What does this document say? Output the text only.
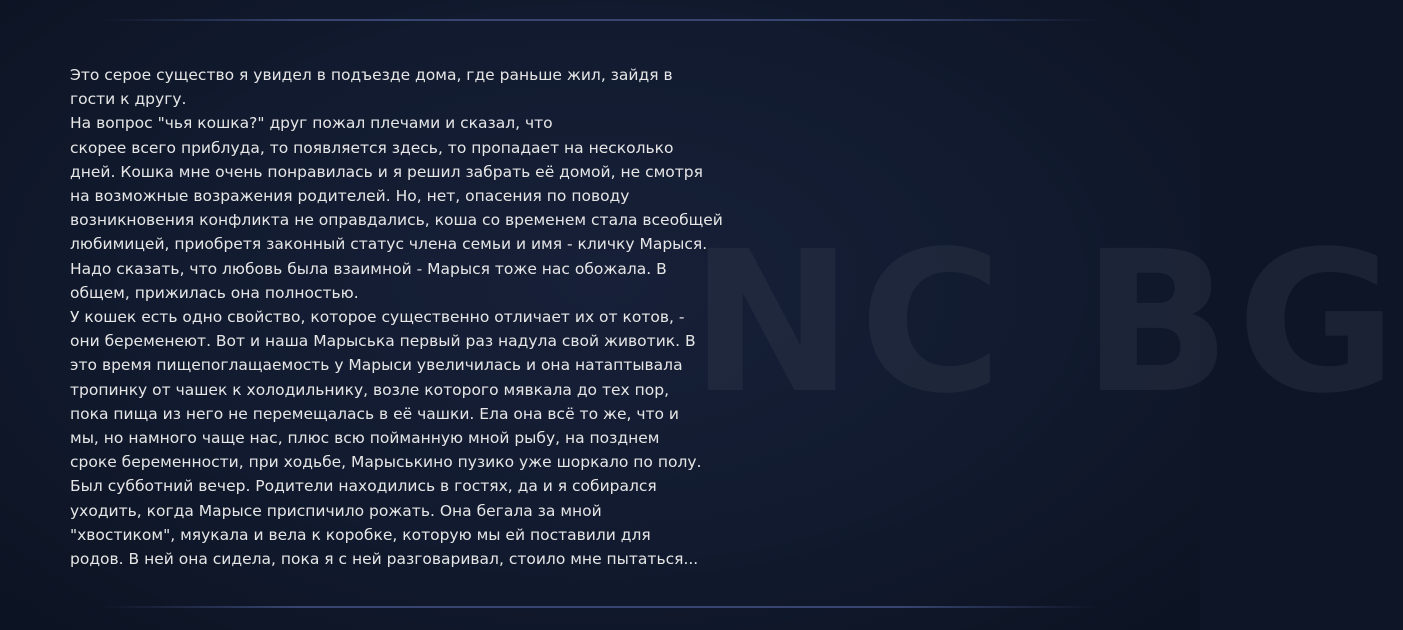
NC BG

Это серое существо я увидел в подъезде дома, где раньше жил, зайдя в

гости к другу.

На вопрос "чья кошка?" друг пожал плечами и сказал, что

скорее всего приблуда, то появляется здесь, то пропадает на несколько

дней. Кошка мне очень понравилась и я решил забрать её домой, не смотря

на возможные возражения родителей. Но, нет, опасения по поводу

возникновения конфликта не оправдались, коша со временем стала всеобщей

любимицей, приобретя законный статус члена семьи и имя - кличку Марыся.

Надо сказать, что любовь была взаимной - Марыся тоже нас обожала. В

общем, прижилась она полностью.

У кошек есть одно свойство, которое существенно отличает их от котов, -

они беременеют. Вот и наша Марыська первый раз надула свой животик. В

это время пищепоглащаемость у Марыси увеличилась и она натаптывала

тропинку от чашек к холодильнику, возле которого мявкала до тех пор,

пока пища из него не перемещалась в её чашки. Ела она всё то же, что и

мы, но намного чаще нас, плюс всю пойманную мной рыбу, на позднем

сроке беременности, при ходьбе, Марыськино пузико уже шоркало по полу.

Был субботний вечер. Родители находились в гостях, да и я собирался

уходить, когда Марысе приспичило рожать. Она бегала за мной

"хвостиком", мяукала и вела к коробке, которую мы ей поставили для

родов. В ней она сидела, пока я с ней разговаривал, стоило мне пытаться...
